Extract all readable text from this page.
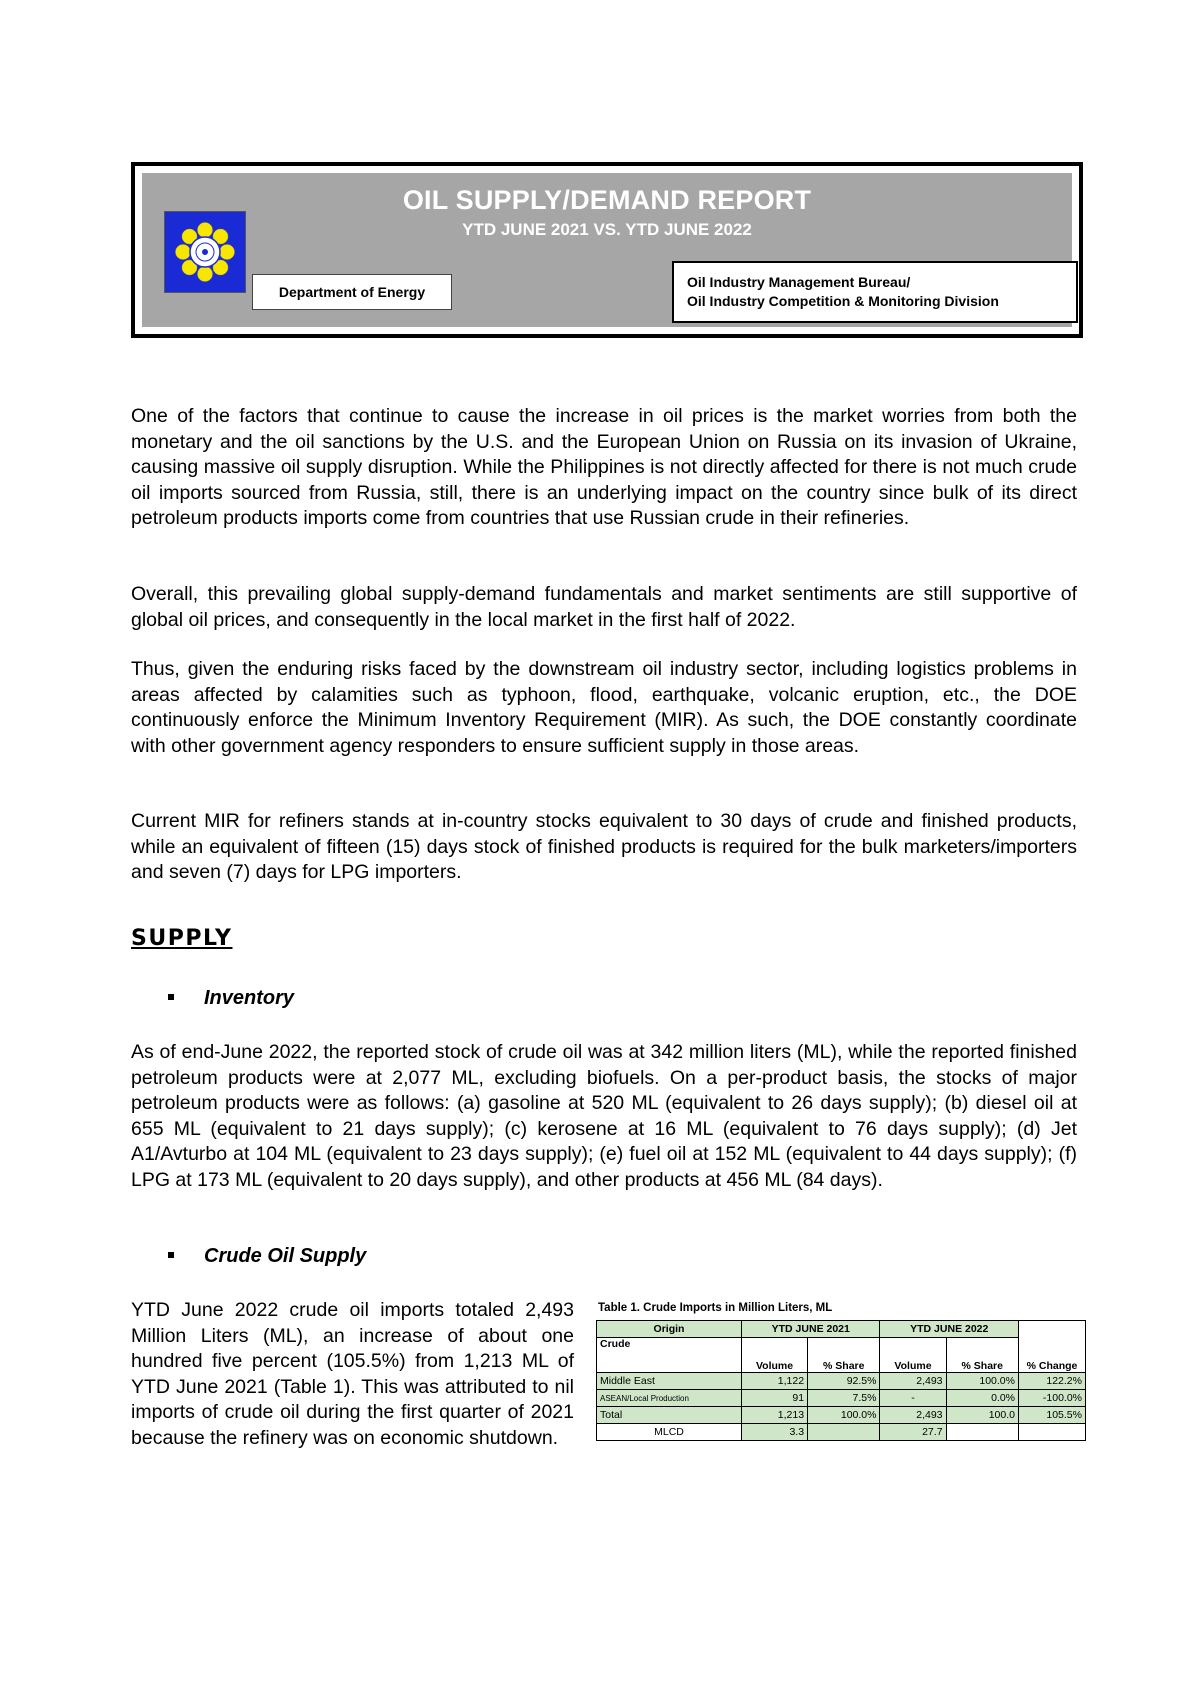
OIL SUPPLY/DEMAND REPORT
YTD JUNE 2021 VS. YTD JUNE 2022
Department of Energy
Oil Industry Management Bureau/
Oil Industry Competition & Monitoring Division

One of the factors that continue to cause the increase in oil prices is the market worries from both the monetary and the oil sanctions by the U.S. and the European Union on Russia on its invasion of Ukraine, causing massive oil supply disruption. While the Philippines is not directly affected for there is not much crude oil imports sourced from Russia, still, there is an underlying impact on the country since bulk of its direct petroleum products imports come from countries that use Russian crude in their refineries.

Overall, this prevailing global supply-demand fundamentals and market sentiments are still supportive of global oil prices, and consequently in the local market in the first half of 2022.

Thus, given the enduring risks faced by the downstream oil industry sector, including logistics problems in areas affected by calamities such as typhoon, flood, earthquake, volcanic eruption, etc., the DOE continuously enforce the Minimum Inventory Requirement (MIR). As such, the DOE constantly coordinate with other government agency responders to ensure sufficient supply in those areas.

Current MIR for refiners stands at in-country stocks equivalent to 30 days of crude and finished products, while an equivalent of fifteen (15) days stock of finished products is required for the bulk marketers/importers and seven (7) days for LPG importers.

SUPPLY
Inventory

As of end-June 2022, the reported stock of crude oil was at 342 million liters (ML), while the reported finished petroleum products were at 2,077 ML, excluding biofuels. On a per-product basis, the stocks of major petroleum products were as follows: (a) gasoline at 520 ML (equivalent to 26 days supply); (b) diesel oil at 655 ML (equivalent to 21 days supply); (c) kerosene at 16 ML (equivalent to 76 days supply); (d) Jet A1/Avturbo at 104 ML (equivalent to 23 days supply); (e) fuel oil at 152 ML (equivalent to 44 days supply); (f) LPG at 173 ML (equivalent to 20 days supply), and other products at 456 ML (84 days).

Crude Oil Supply

YTD June 2022 crude oil imports totaled 2,493 Million Liters (ML), an increase of about one hundred five percent (105.5%) from 1,213 ML of YTD June 2021 (Table 1). This was attributed to nil imports of crude oil during the first quarter of 2021 because the refinery was on economic shutdown.

Table 1. Crude Imports in Million Liters, ML
Origin	YTD JUNE 2021		YTD JUNE 2022		% Change
Crude	Volume	% Share	Volume	% Share	
Middle East	1,122	92.5%	2,493	100.0%	122.2%
ASEAN/Local Production	91	7.5%	-	0.0%	-100.0%
Total	1,213	100.0%	2,493	100.0	105.5%
MLCD	3.3		27.7		
